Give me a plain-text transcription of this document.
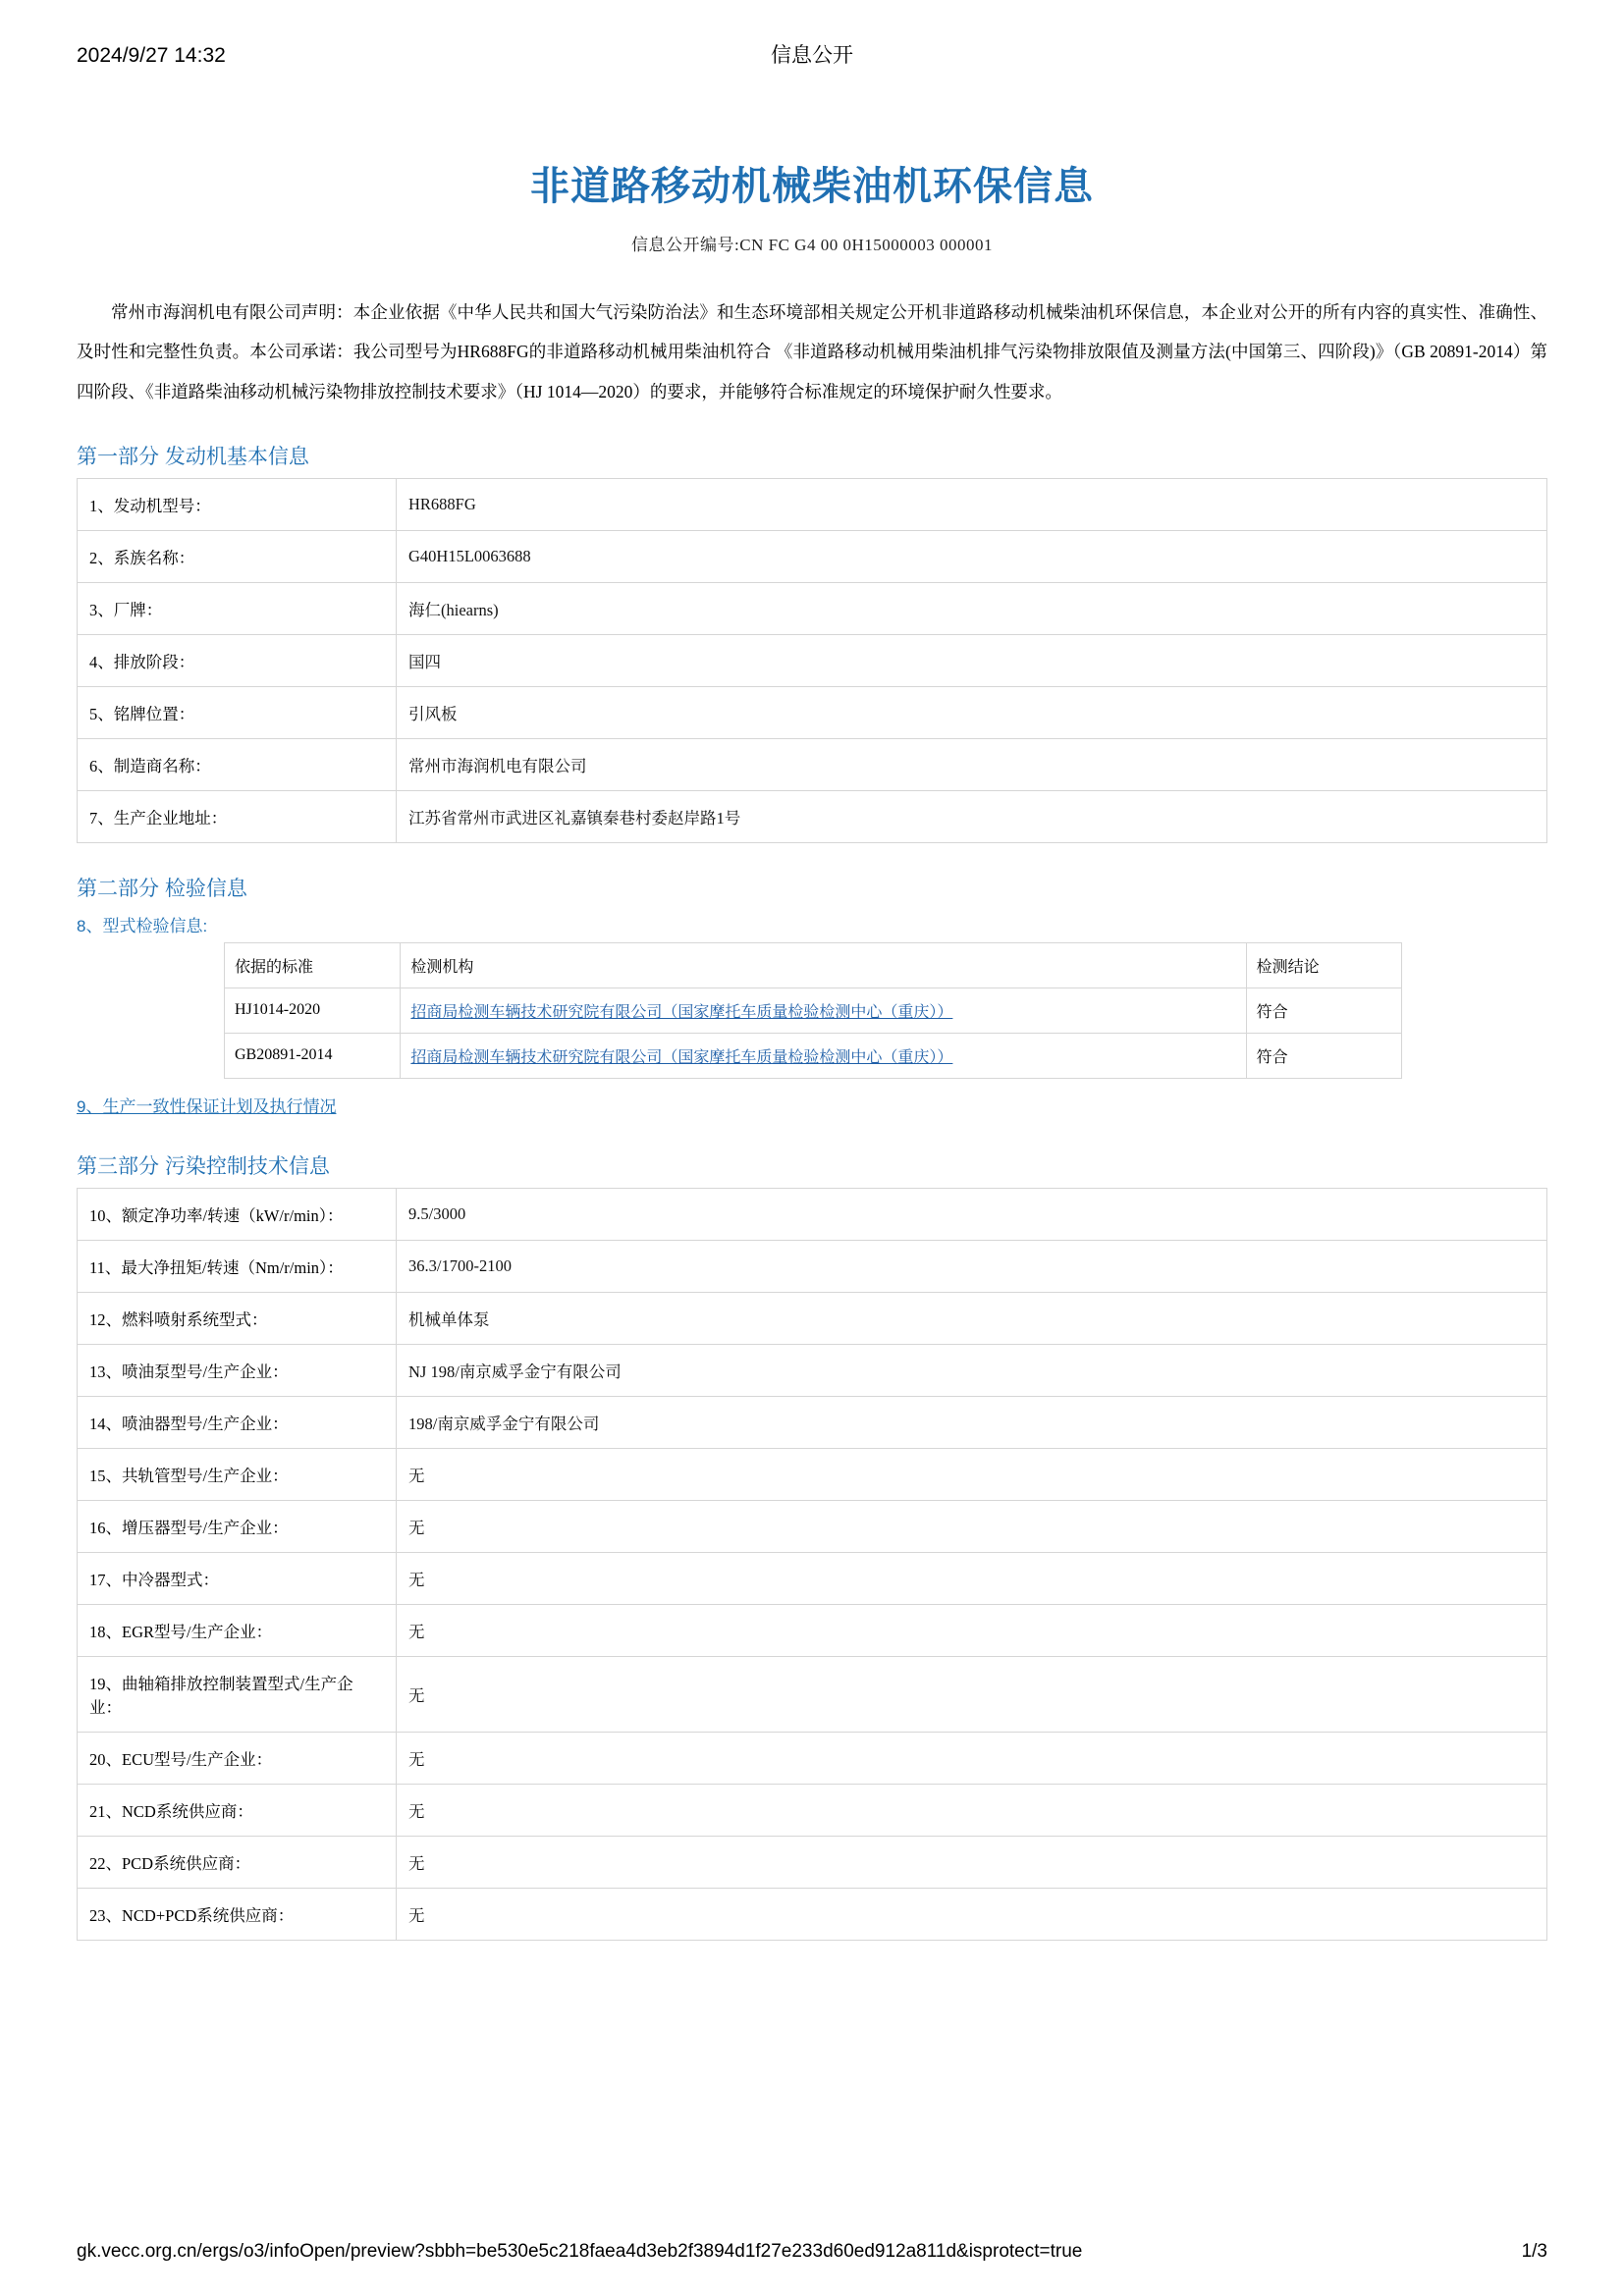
2024/9/27 14:32	信息公开
非道路移动机械柴油机环保信息
信息公开编号:CN FC G4 00 0H15000003 000001
常州市海润机电有限公司声明：本企业依据《中华人民共和国大气污染防治法》和生态环境部相关规定公开机非道路移动机械柴油机环保信息，本企业对公开的所有内容的真实性、准确性、及时性和完整性负责。本公司承诺：我公司型号为HR688FG的非道路移动机械用柴油机符合 《非道路移动机械用柴油机排气污染物排放限值及测量方法(中国第三、四阶段)》（GB 20891-2014）第四阶段、《非道路柴油移动机械污染物排放控制技术要求》（HJ 1014—2020）的要求，并能够符合标准规定的环境保护耐久性要求。
第一部分 发动机基本信息
1、发动机型号：	HR688FG
2、系族名称：	G40H15L0063688
3、厂牌：	海仁(hiearns)
4、排放阶段：	国四
5、铭牌位置：	引风板
6、制造商名称：	常州市海润机电有限公司
7、生产企业地址：	江苏省常州市武进区礼嘉镇秦巷村委赵岸路1号
第二部分 检验信息
8、型式检验信息:
依据的标准	检测机构	检测结论
HJ1014-2020	招商局检测车辆技术研究院有限公司（国家摩托车质量检验检测中心（重庆））	符合
GB20891-2014	招商局检测车辆技术研究院有限公司（国家摩托车质量检验检测中心（重庆））	符合
9、生产一致性保证计划及执行情况
第三部分 污染控制技术信息
10、额定净功率/转速（kW/r/min）：	9.5/3000
11、最大净扭矩/转速（Nm/r/min）：	36.3/1700-2100
12、燃料喷射系统型式：	机械单体泵
13、喷油泵型号/生产企业：	NJ 198/南京威孚金宁有限公司
14、喷油器型号/生产企业：	198/南京威孚金宁有限公司
15、共轨管型号/生产企业：	无
16、增压器型号/生产企业：	无
17、中冷器型式：	无
18、EGR型号/生产企业：	无
19、曲轴箱排放控制装置型式/生产企业：	无
20、ECU型号/生产企业：	无
21、NCD系统供应商：	无
22、PCD系统供应商：	无
23、NCD+PCD系统供应商：	无
gk.vecc.org.cn/ergs/o3/infoOpen/preview?sbbh=be530e5c218faea4d3eb2f3894d1f27e233d60ed912a811d&isprotect=true	1/3
